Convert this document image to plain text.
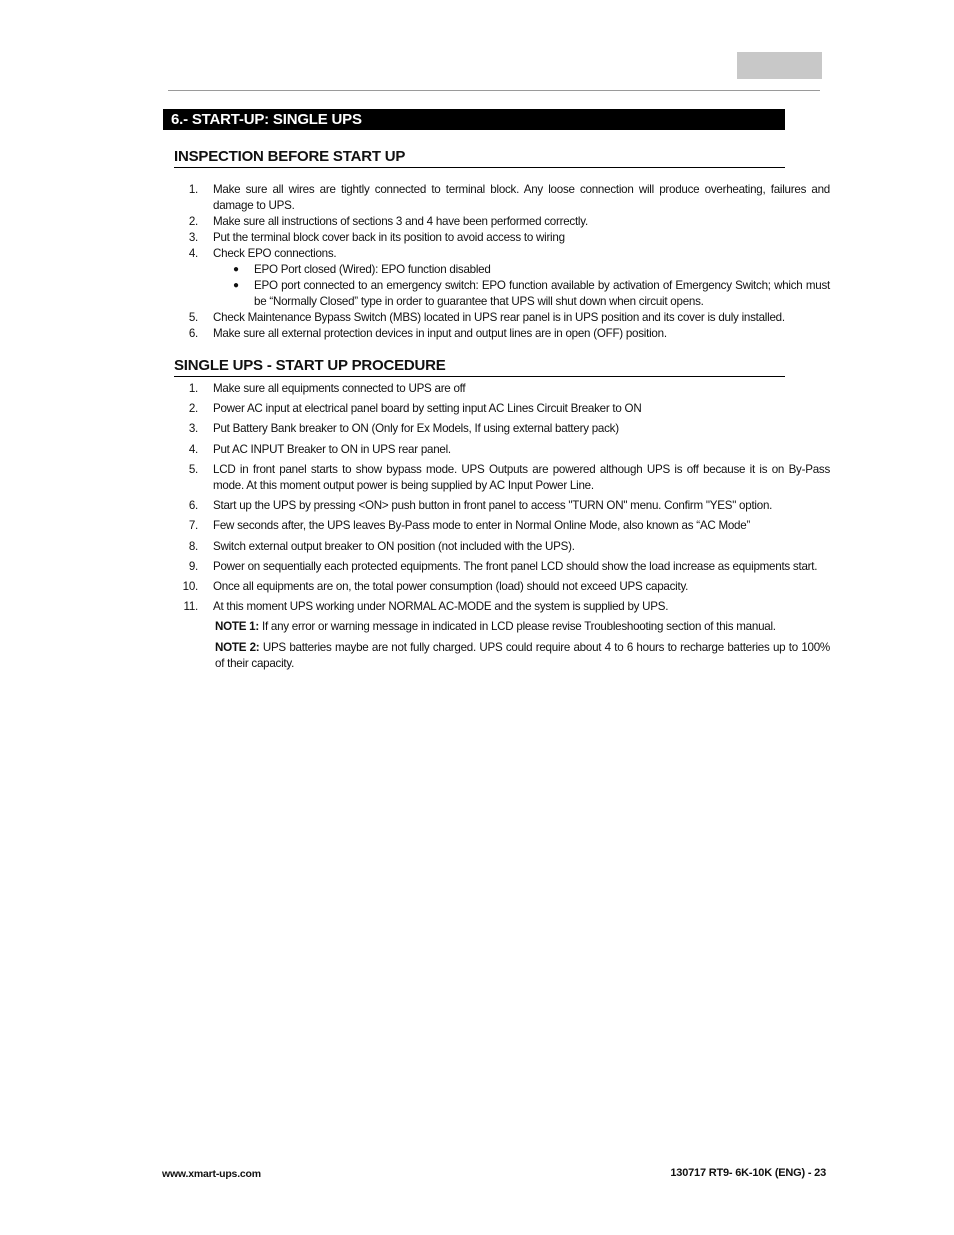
6.- START-UP: SINGLE UPS
INSPECTION BEFORE START UP
1. Make sure all wires are tightly connected to terminal block. Any loose connection will produce overheating, failures and damage to UPS.
2. Make sure all instructions of sections 3 and 4 have been performed correctly.
3. Put the terminal block cover back in its position to avoid access to wiring
4. Check EPO connections.
● EPO Port closed (Wired): EPO function disabled
● EPO port connected to an emergency switch: EPO function available by activation of Emergency Switch; which must be “Normally Closed” type in order to guarantee that UPS will shut down when circuit opens.
5. Check Maintenance Bypass Switch (MBS) located in UPS rear panel is in UPS position and its cover is duly installed.
6. Make sure all external protection devices in input and output lines are in open (OFF) position.
SINGLE UPS - START UP PROCEDURE
1. Make sure all equipments connected to UPS are off
2. Power AC input at electrical panel board by setting input AC Lines Circuit Breaker to ON
3. Put Battery Bank breaker to ON (Only for Ex Models, If using external battery pack)
4. Put AC INPUT Breaker to ON in UPS rear panel.
5. LCD in front panel starts to show bypass mode. UPS Outputs are powered although UPS is off because it is on By-Pass mode. At this moment output power is being supplied by AC Input Power Line.
6. Start up the UPS by pressing <ON> push button in front panel to access "TURN ON" menu. Confirm "YES" option.
7. Few seconds after, the UPS leaves By-Pass mode to enter in Normal Online Mode, also known as “AC Mode”
8. Switch external output breaker to ON position (not included with the UPS).
9. Power on sequentially each protected equipments. The front panel LCD should show the load increase as equipments start.
10. Once all equipments are on, the total power consumption (load) should not exceed UPS capacity.
11. At this moment UPS working under NORMAL AC-MODE and the system is supplied by UPS.
NOTE 1: If any error or warning message in indicated in LCD please revise Troubleshooting section of this manual.
NOTE 2: UPS batteries maybe are not fully charged. UPS could require about 4 to 6 hours to recharge batteries up to 100% of their capacity.
www.xmart-ups.com	130717 RT9- 6K-10K (ENG) - 23
